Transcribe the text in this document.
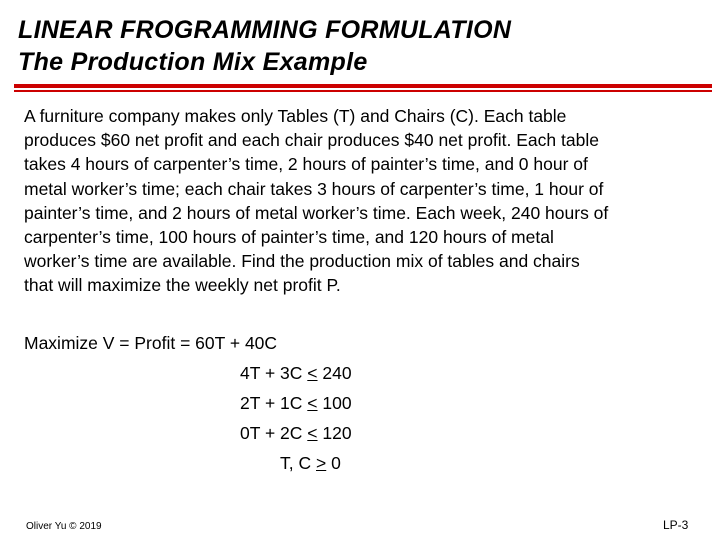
LINEAR FROGRAMMING FORMULATION
The Production Mix Example
A furniture company makes only Tables (T) and Chairs (C). Each table
produces $60 net profit and each chair produces $40 net profit. Each table
takes 4 hours of carpenter’s time, 2 hours of painter’s time, and 0 hour of
metal worker’s time; each chair takes 3 hours of carpenter’s time, 1 hour of
painter’s time, and 2 hours of metal worker’s time. Each week, 240 hours of
carpenter’s time, 100 hours of painter’s time, and 120 hours of metal
worker’s time are available. Find the production mix of tables and chairs
that will maximize the weekly net profit P.
Maximize V = Profit = 60T + 40C
4T + 3C ≤ 240
2T + 1C ≤ 100
0T + 2C ≤ 120
T, C ≥ 0
Oliver Yu © 2019	LP-3
